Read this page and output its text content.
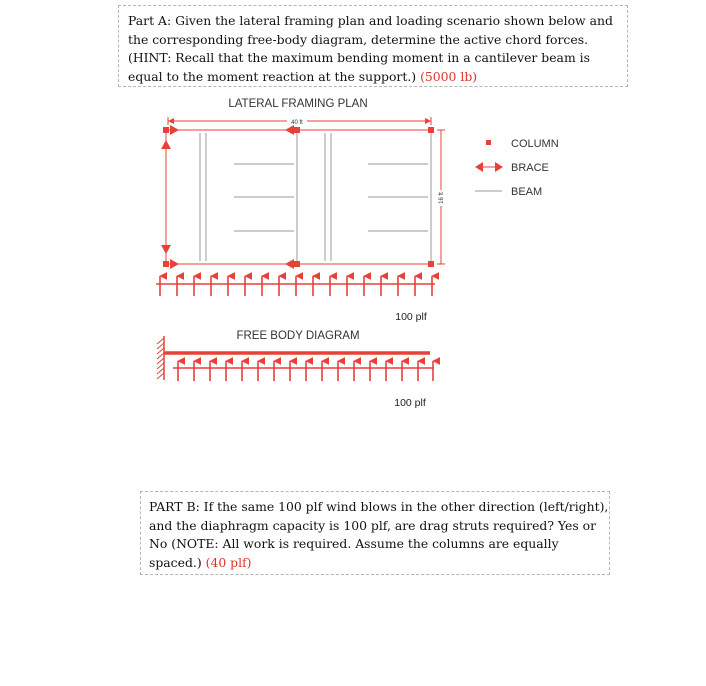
Part A: Given the lateral framing plan and loading scenario shown below and the corresponding free-body diagram, determine the active chord forces. (HINT: Recall that the maximum bending moment in a cantilever beam is equal to the moment reaction at the support.) (5000 lb)
LATERAL FRAMING PLAN
40 ft
16 ft
100 plf
COLUMN
BRACE
BEAM
FREE BODY DIAGRAM
100 plf
PART B: If the same 100 plf wind blows in the other direction (left/right), and the diaphragm capacity is 100 plf, are drag struts required? Yes or No (NOTE: All work is required. Assume the columns are equally spaced.) (40 plf)
